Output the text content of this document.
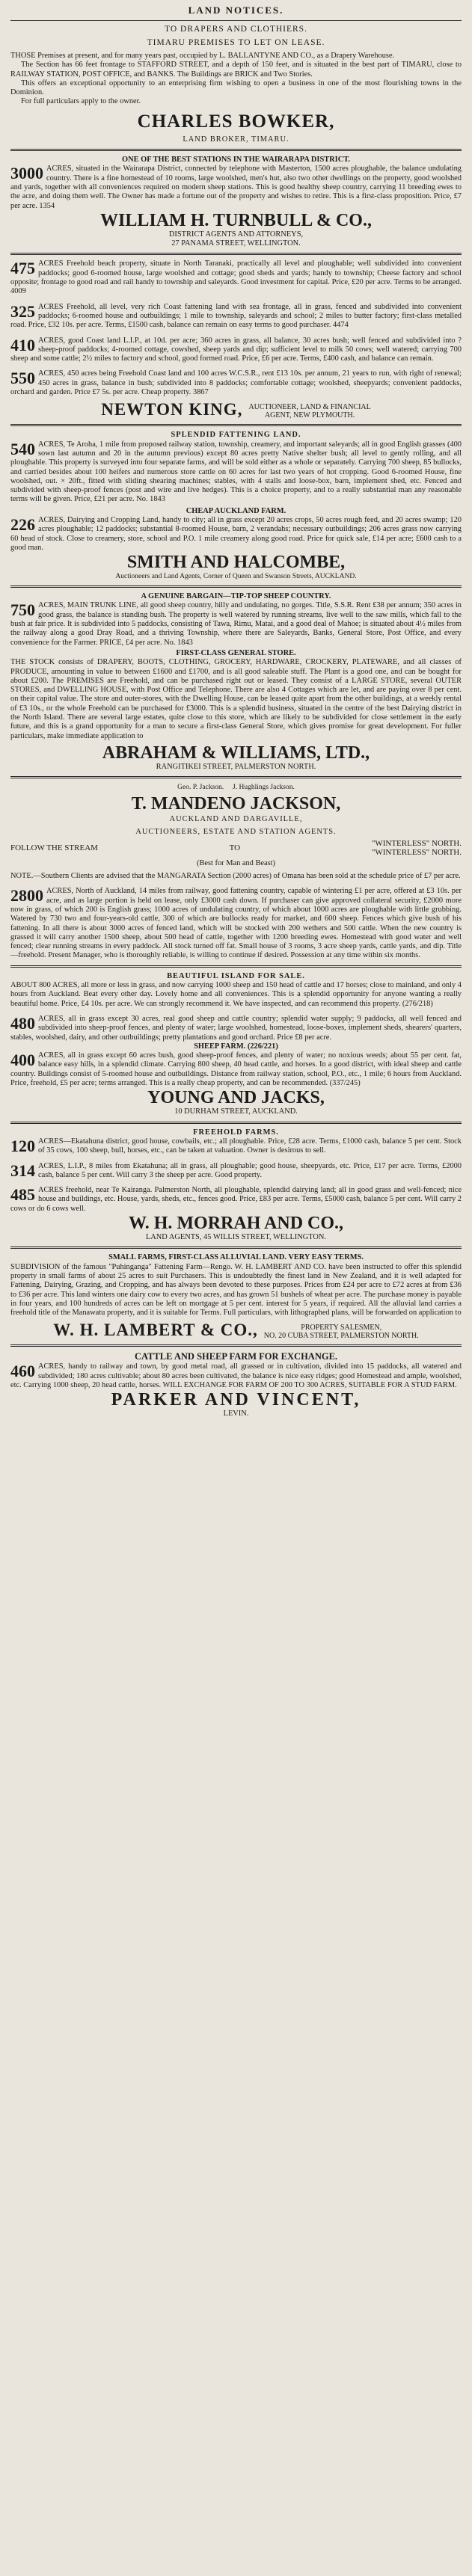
LAND NOTICES.

TO DRAPERS AND CLOTHIERS.

TIMARU PREMISES TO LET ON LEASE.

THOSE Premises at present, and for many years past, occupied by L. BALLANTYNE AND CO., as a Drapery Warehouse.

The Section has 66 feet frontage to STAFFORD STREET, and a depth of 150 feet, and is situated in the best part of TIMARU, close to RAILWAY STATION, POST OFFICE, and BANKS. The Buildings are BRICK and Two Stories.

This offers an exceptional opportunity to an enterprising firm wishing to open a business in one of the most flourishing towns in the Dominion.

For full particulars apply to the owner.

CHARLES BOWKER,

LAND BROKER, TIMARU.

ONE OF THE BEST STATIONS IN THE WAIRARAPA DISTRICT.

3000 ACRES, situated in the Wairarapa District, connected by telephone with Masterton, 1500 acres ploughable, the balance undulating country. There is a fine homestead of 10 rooms, large woolshed, men's hut, also two other dwellings on the property, good woolshed and yards, together with all conveniences required on modern sheep stations. This is good healthy sheep country, carrying 11 breeding ewes to the acre, and doing them well. The Owner has made a fortune out of the property and wishes to retire. This is a first-class proposition. Price, £7 per acre. 1354

WILLIAM H. TURNBULL & CO.,

DISTRICT AGENTS AND ATTORNEYS,

27 PANAMA STREET, WELLINGTON.

475 ACRES Freehold beach property, situate in North Taranaki, practically all level and ploughable; well subdivided into convenient paddocks; good 6-roomed house, large woolshed and cottage; good sheds and yards; handy to township; Cheese factory and school opposite; frontage to good road and rail handy to township and saleyards. Good investment for capital. Price, £20 per acre. Terms to be arranged. 4009

325 ACRES Freehold, all level, very rich Coast fattening land with sea frontage, all in grass, fenced and subdivided into convenient paddocks; 6-roomed house and outbuildings; 1 mile to township, saleyards and school; 2 miles to butter factory; first-class metalled road. Price, £32 10s. per acre. Terms, £1500 cash, balance can remain on easy terms to good purchaser. 4474

410 ACRES, good Coast land L.I.P., at 10d. per acre; 360 acres in grass, all balance, 30 acres bush; well fenced and subdivided into ? sheep-proof paddocks; 4-roomed cottage, cowshed, sheep yards and dip; sufficient level to milk 50 cows; well watered; carrying 700 sheep and some cattle; 2½ miles to factory and school, good formed road. Price, £6 per acre. Terms, £400 cash, and balance can remain.

550 ACRES, 450 acres being Freehold Coast land and 100 acres W.C.S.R., rent £13 10s. per annum, 21 years to run, with right of renewal; 450 acres in grass, balance in bush; subdivided into 8 paddocks; comfortable cottage; woolshed, sheepyards; convenient paddocks, orchard and garden. Price £7 5s. per acre. Cheap property. 3867

NEWTON KING, AUCTIONEER, LAND & FINANCIAL
AGENT, NEW PLYMOUTH.

SPLENDID FATTENING LAND.

540 ACRES, Te Aroha, 1 mile from proposed railway station, township, creamery, and important saleyards; all in good English grasses (400 sown last autumn and 20 in the autumn previous) except 80 acres pretty Native shelter bush; all level to gently rolling, and all ploughable. This property is surveyed into four separate farms, and will be sold either as a whole or separately. Carrying 700 sheep, 85 bullocks, and carried besides about 100 heifers and numerous store cattle on 60 acres for last two years of hot cropping. Good 6-roomed House, fine woolshed, out. × 20ft., fitted with sliding shearing machines; stables, with 4 stalls and loose-box, barn, implement shed, etc. Fenced and subdivided with sheep-proof fences (post and wire and live hedges). This is a choice property, and to a really substantial man any reasonable terms will be given. Price, £21 per acre. No. 1843

CHEAP AUCKLAND FARM.

226 ACRES, Dairying and Cropping Land, handy to city; all in grass except 20 acres crops, 50 acres rough feed, and 20 acres swamp; 120 acres ploughable; 12 paddocks; substantial 8-roomed House, barn, 2 verandahs; necessary outbuildings; 206 acres grass now carrying 60 head of stock. Close to creamery, store, school and P.O. 1 mile creamery along good road. Price for quick sale, £14 per acre; £600 cash to a good man.

SMITH AND HALCOMBE,

Auctioneers and Land Agents, Corner of Queen and Swanson Streets, AUCKLAND.

A GENUINE BARGAIN—TIP-TOP SHEEP COUNTRY.

750 ACRES, MAIN TRUNK LINE, all good sheep country, hilly and undulating, no gorges. Title, S.S.R. Rent £38 per annum; 350 acres in good grass, the balance is standing bush. The property is well watered by running streams, live well to the saw mills, which fall to the bush at fair price. It is subdivided into 5 paddocks, consisting of Tawa, Rimu, Matai, and a good deal of Mahoe; is situated about 4½ miles from the railway along a good Dray Road, and a thriving Township, where there are Saleyards, Banks, General Store, Post Office, and every convenience for the Farmer. PRICE, £4 per acre. No. 1843

FIRST-CLASS GENERAL STORE.

THE STOCK consists of DRAPERY, BOOTS, CLOTHING, GROCERY, HARDWARE, CROCKERY, PLATEWARE, and all classes of PRODUCE, amounting in value to between £1600 and £1700, and is all good saleable stuff. The Plant is a good one, and can be bought for about £200. The PREMISES are Freehold, and can be purchased right out or leased. They consist of a LARGE STORE, several OUTER STORES, and DWELLING HOUSE, with Post Office and Telephone. There are also 4 Cottages which are let, and are paying over 8 per cent. on their capital value. The store and outer-stores, with the Dwelling House, can be leased quite apart from the other buildings, at a weekly rental of £3 10s., or the whole Freehold can be purchased for £3000. This is a splendid business, situated in the centre of the best Dairying district in the North Island. There are several large estates, quite close to this store, which are likely to be subdivided for close settlement in the early future, and this is a grand opportunity for a man to secure a first-class General Store, which gives promise for great development. For fuller particulars, make immediate application to

ABRAHAM & WILLIAMS, LTD.,

RANGITIKEI STREET, PALMERSTON NORTH.

Geo. P. Jackson.     J. Hughlings Jackson.

T. MANDENO JACKSON,

AUCKLAND AND DARGAVILLE,

AUCTIONEERS, ESTATE AND STATION AGENTS.

FOLLOW THE STREAM	TO	"WINTERLESS" NORTH.
"WINTERLESS" NORTH.

(Best for Man and Beast)

NOTE.—Southern Clients are advised that the MANGARATA Section (2000 acres) of Omana has been sold at the schedule price of £7 per acre.

2800 ACRES, North of Auckland, 14 miles from railway, good fattening country, capable of wintering £1 per acre, offered at £3 10s. per acre, and as large portion is held on lease, only £3000 cash down. If purchaser can give approved collateral security, £2000 more now in grass, of which 200 is English grass; 1000 acres of undulating country, of which about 1000 acres are ploughable with little grubbing. Watered by 730 two and four-years-old cattle, 300 of which are bullocks ready for market, and 600 sheep. Fences which give bush of his fattening. In all there is about 3000 acres of fenced land, which will be stocked with 200 wethers and 500 cattle. When the new country is grassed it will carry another 1500 sheep, about 500 head of cattle, together with 1200 breeding ewes. Homestead with good water and well fenced; clear running streams in every paddock. All stock turned off fat. Small house of 3 rooms, 3 acre sheep yards, cattle yards, and dip. Title—freehold. Present Manager, who is thoroughly reliable, is willing to continue if desired. Possession at any time within six months.

BEAUTIFUL ISLAND FOR SALE.

ABOUT 800 ACRES, all more or less in grass, and now carrying 1000 sheep and 150 head of cattle and 17 horses; close to mainland, and only 4 hours from Auckland. Beat every other day. Lovely home and all conveniences. This is a splendid opportunity for anyone wanting a really beautiful home. Price, £4 10s. per acre. We can strongly recommend it. We have inspected, and can recommend this property. (276/218)

480 ACRES, all in grass except 30 acres, real good sheep and cattle country; splendid water supply; 9 paddocks, all well fenced and subdivided into sheep-proof fences, and plenty of water; large woolshed, homestead, loose-boxes, implement sheds, shearers' quarters, stables, woolshed, dairy, and other outbuildings; pretty plantations and good orchard. Price £8 per acre.

SHEEP FARM. (226/221)

400 ACRES, all in grass except 60 acres bush, good sheep-proof fences, and plenty of water; no noxious weeds; about 55 per cent. fat, balance easy hills, in a splendid climate. Carrying 800 sheep, 40 head cattle, and horses. In a good district, with ideal sheep and cattle country. Buildings consist of 5-roomed house and outbuildings. Distance from railway station, school, P.O., etc., 1 mile; 6 hours from Auckland. Price, freehold, £5 per acre; terms arranged. This is a really cheap property, and can be recommended. (337/245)

YOUNG AND JACKS,

10 DURHAM STREET, AUCKLAND.

FREEHOLD FARMS.

120 ACRES—Ekatahuna district, good house, cowbails, etc.; all ploughable. Price, £28 acre. Terms, £1000 cash, balance 5 per cent. Stock of 35 cows, 100 sheep, bull, horses, etc., can be taken at valuation. Owner is desirous to sell.

314 ACRES, L.I.P., 8 miles from Ekatahuna; all in grass, all ploughable; good house, sheepyards, etc. Price, £17 per acre. Terms, £2000 cash, balance 5 per cent. Will carry 3 the sheep per acre. Good property.

485 ACRES freehold, near Te Kairanga. Palmerston North, all ploughable, splendid dairying land; all in good grass and well-fenced; nice house and buildings, etc. House, yards, sheds, etc., fences good. Price, £83 per acre. Terms, £5000 cash, balance 5 per cent. Will carry 2 cows or do 6 cows well.

W. H. MORRAH AND CO.,

LAND AGENTS, 45 WILLIS STREET, WELLINGTON.

SMALL FARMS, FIRST-CLASS ALLUVIAL LAND. VERY EASY TERMS.

SUBDIVISION of the famous "Puhinganga" Fattening Farm—Rengo. W. H. LAMBERT AND CO. have been instructed to offer this splendid property in small farms of about 25 acres to suit Purchasers. This is undoubtedly the finest land in New Zealand, and it is well adapted for Fattening, Dairying, Grazing, and Cropping, and has always been devoted to these purposes. Prices from £24 per acre to £72 acres at from £36 to £36 per acre. This land winters one dairy cow to every two acres, and has grown 51 bushels of wheat per acre. The purchase money is payable in four years, and 100 hundreds of acres can be left on mortgage at 5 per cent. interest for 5 years, if required. All the alluvial land carries a freehold title of the Manawatu property, and it is suitable for Terms. Full particulars, with lithographed plans, will be forwarded on application to

W. H. LAMBERT & CO.,	PROPERTY SALESMEN,
NO. 20 CUBA STREET, PALMERSTON NORTH.

CATTLE AND SHEEP FARM FOR EXCHANGE.

460 ACRES, handy to railway and town, by good metal road, all grassed or in cultivation, divided into 15 paddocks, all watered and subdivided; 180 acres cultivable; about 80 acres been cultivated, the balance is nice easy ridges; good Homestead and ample, woolshed, etc. Carrying 1000 sheep, 20 head cattle, horses. WILL EXCHANGE FOR FARM OF 200 TO 300 ACRES, SUITABLE FOR A STUD FARM.

PARKER AND VINCENT,

LEVIN.
